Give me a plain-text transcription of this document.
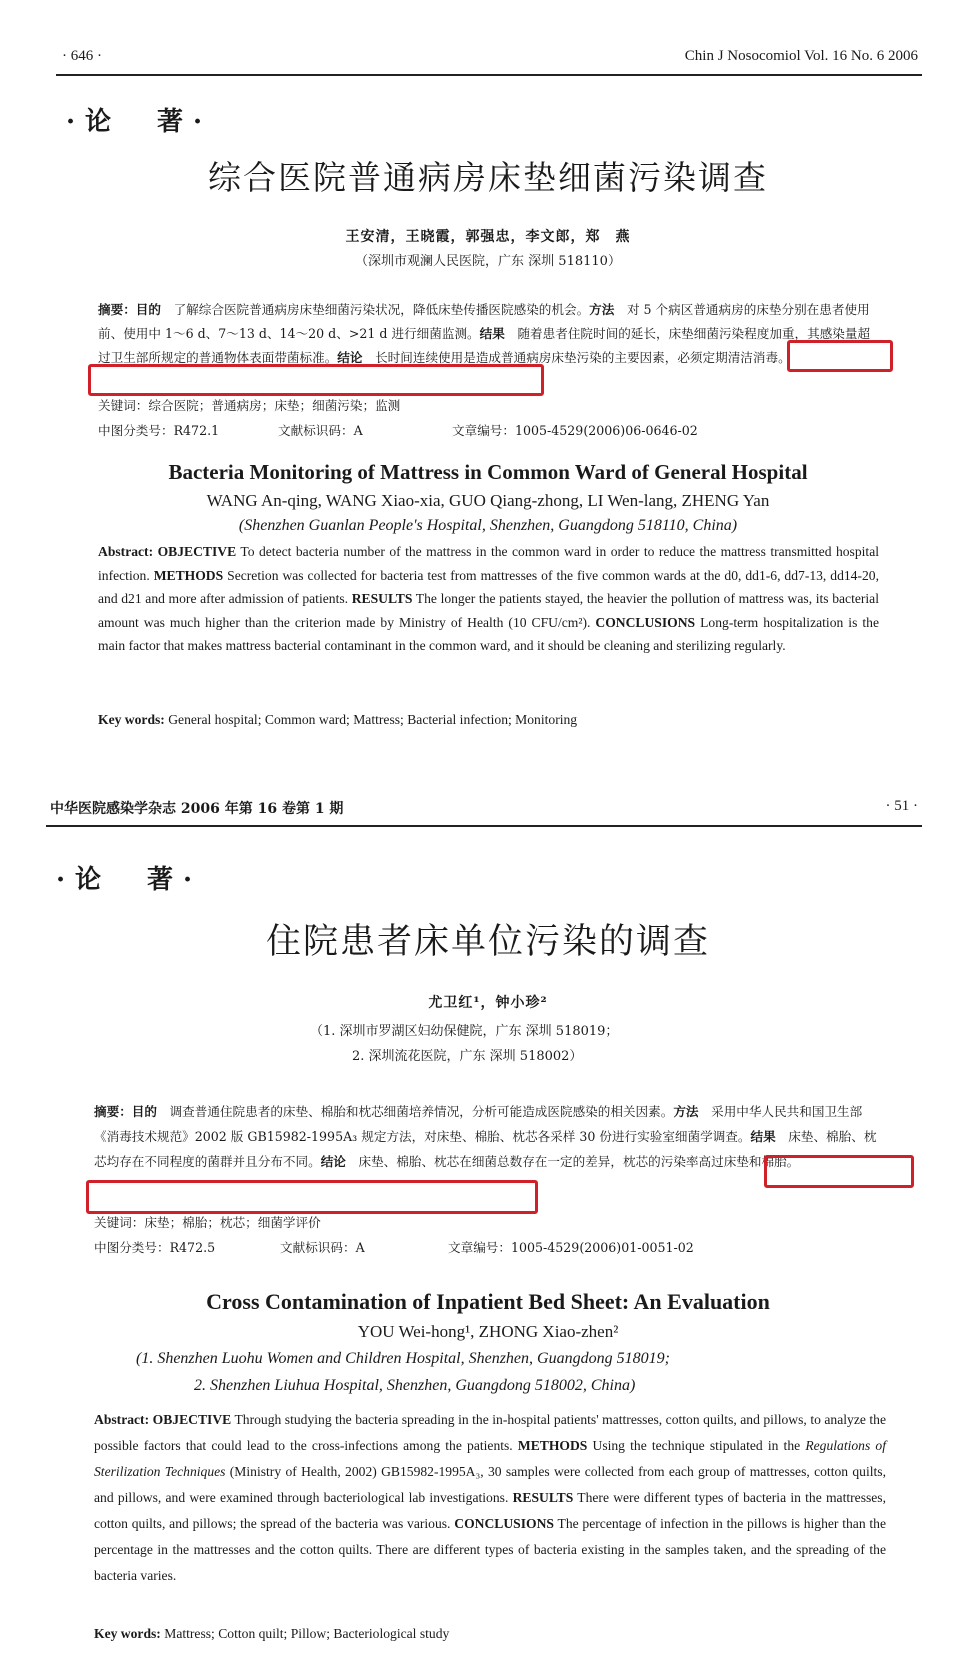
· 646 ·	Chin J Nosocomiol Vol. 16 No. 6 2006
·论　著·
综合医院普通病房床垫细菌污染调查
王安清，王晓霞，郭强忠，李文郎，郑　燕
（深圳市观澜人民医院，广东 深圳 518110）
摘要：目的　 了解综合医院普通病房床垫细菌污染状况，降低床垫传播医院感染的机会。方法　 对 5 个病区普通病房的床垫分别在患者使用前、使用中 1～6 d、7～13 d、14～20 d、>21 d 进行细菌监测。结果　 随着患者住院时间的延长，床垫细菌污染程度加重，其感染量超过卫生部所规定的普通物体表面带菌标准。结论　 长时间连续使用是造成普通病房床垫污染的主要因素，必须定期清洁消毒。
关键词：综合医院；普通病房；床垫；细菌污染；监测
中图分类号：R472.1	文献标识码：A	文章编号：1005-4529(2006)06-0646-02
Bacteria Monitoring of Mattress in Common Ward of General Hospital
WANG An-qing, WANG Xiao-xia, GUO Qiang-zhong, LI Wen-lang, ZHENG Yan
(Shenzhen Guanlan People's Hospital, Shenzhen, Guangdong 518110, China)
Abstract: OBJECTIVE To detect bacteria number of the mattress in the common ward in order to reduce the mattress transmitted hospital infection. METHODS Secretion was collected for bacteria test from mattresses of the five common wards at the d0, dd1-6, dd7-13, dd14-20, and d21 and more after admission of patients. RESULTS The longer the patients stayed, the heavier the pollution of mattress was, its bacterial amount was much higher than the criterion made by Ministry of Health (10 CFU/cm²). CONCLUSIONS Long-term hospitalization is the main factor that makes mattress bacterial contaminant in the common ward, and it should be cleaning and sterilizing regularly.
Key words: General hospital; Common ward; Mattress; Bacterial infection; Monitoring
中华医院感染学杂志 2006 年第 16 卷第 1 期	· 51 ·
·论　著·
住院患者床单位污染的调查
尤卫红¹，钟小珍²
（1. 深圳市罗湖区妇幼保健院，广东 深圳 518019；
2. 深圳流花医院，广东 深圳 518002）
摘要：目的　 调查普通住院患者的床垫、棉胎和枕芯细菌培养情况，分析可能造成医院感染的相关因素。方法　 采用中华人民共和国卫生部《消毒技术规范》2002 版 GB15982-1995A₃ 规定方法，对床垫、棉胎、枕芯各采样 30 份进行实验室细菌学调查。结果　 床垫、棉胎、枕芯均存在不同程度的菌群并且分布不同。结论　 床垫、棉胎、枕芯在细菌总数存在一定的差异，枕芯的污染率高过床垫和棉胎。
关键词：床垫；棉胎；枕芯；细菌学评价
中图分类号：R472.5	文献标识码：A	文章编号：1005-4529(2006)01-0051-02
Cross Contamination of Inpatient Bed Sheet: An Evaluation
YOU Wei-hong¹, ZHONG Xiao-zhen²
(1. Shenzhen Luohu Women and Children Hospital, Shenzhen, Guangdong 518019;
2. Shenzhen Liuhua Hospital, Shenzhen, Guangdong 518002, China)
Abstract: OBJECTIVE Through studying the bacteria spreading in the in-hospital patients' mattresses, cotton quilts, and pillows, to analyze the possible factors that could lead to the cross-infections among the patients. METHODS Using the technique stipulated in the Regulations of Sterilization Techniques (Ministry of Health, 2002) GB15982-1995A₃, 30 samples were collected from each group of mattresses, cotton quilts, and pillows, and were examined through bacteriological lab investigations. RESULTS There were different types of bacteria in the mattresses, cotton quilts, and pillows; the spread of the bacteria was various. CONCLUSIONS The percentage of infection in the pillows is higher than the percentage in the mattresses and the cotton quilts. There are different types of bacteria existing in the samples taken, and the spreading of the bacteria varies.
Key words: Mattress; Cotton quilt; Pillow; Bacteriological study
